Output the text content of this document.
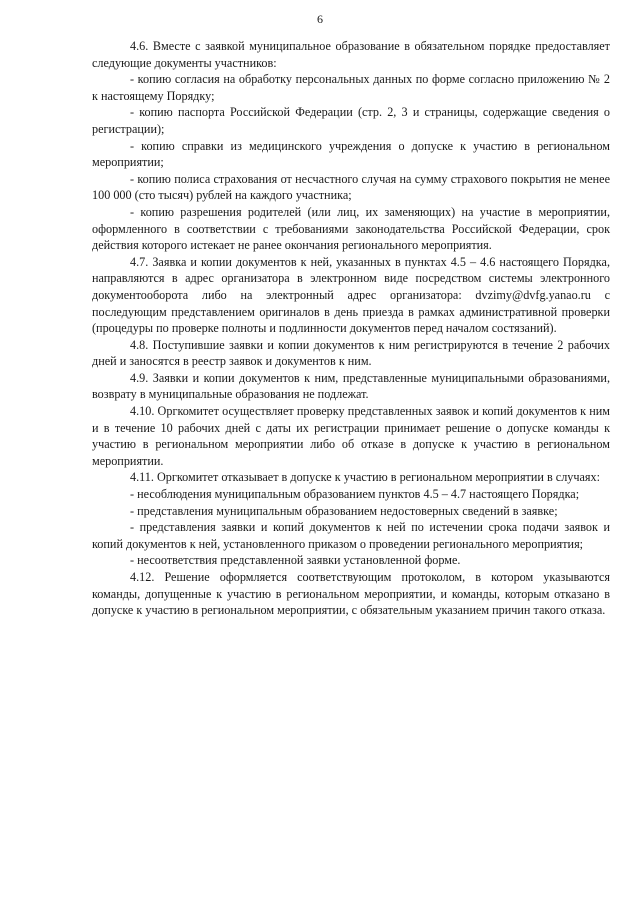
6

4.6. Вместе с заявкой муниципальное образование в обязательном порядке предоставляет следующие документы участников:

- копию согласия на обработку персональных данных по форме согласно приложению № 2 к настоящему Порядку;

- копию паспорта Российской Федерации (стр. 2, 3 и страницы, содержащие сведения о регистрации);

- копию справки из медицинского учреждения о допуске к участию в региональном мероприятии;

- копию полиса страхования от несчастного случая на сумму страхового покрытия не менее 100 000 (сто тысяч) рублей на каждого участника;

- копию разрешения родителей (или лиц, их заменяющих) на участие в мероприятии, оформленного в соответствии с требованиями законодательства Российской Федерации, срок действия которого истекает не ранее окончания регионального мероприятия.

4.7. Заявка и копии документов к ней, указанных в пунктах 4.5 – 4.6 настоящего Порядка, направляются в адрес организатора в электронном виде посредством системы электронного документооборота либо на электронный адрес организатора: dvzimy@dvfg.yanao.ru с последующим представлением оригиналов в день приезда в рамках административной проверки (процедуры по проверке полноты и подлинности документов перед началом состязаний).

4.8. Поступившие заявки и копии документов к ним регистрируются в течение 2 рабочих дней и заносятся в реестр заявок и документов к ним.

4.9. Заявки и копии документов к ним, представленные муниципальными образованиями, возврату в муниципальные образования не подлежат.

4.10. Оргкомитет осуществляет проверку представленных заявок и копий документов к ним и в течение 10 рабочих дней с даты их регистрации принимает решение о допуске команды к участию в региональном мероприятии либо об отказе в допуске к участию в региональном мероприятии.

4.11. Оргкомитет отказывает в допуске к участию в региональном мероприятии в случаях:

- несоблюдения муниципальным образованием пунктов 4.5 – 4.7 настоящего Порядка;

- представления муниципальным образованием недостоверных сведений в заявке;

- представления заявки и копий документов к ней по истечении срока подачи заявок и копий документов к ней, установленного приказом о проведении регионального мероприятия;

- несоответствия представленной заявки установленной форме.

4.12. Решение оформляется соответствующим протоколом, в котором указываются команды, допущенные к участию в региональном мероприятии, и команды, которым отказано в допуске к участию в региональном мероприятии, с обязательным указанием причин такого отказа.
